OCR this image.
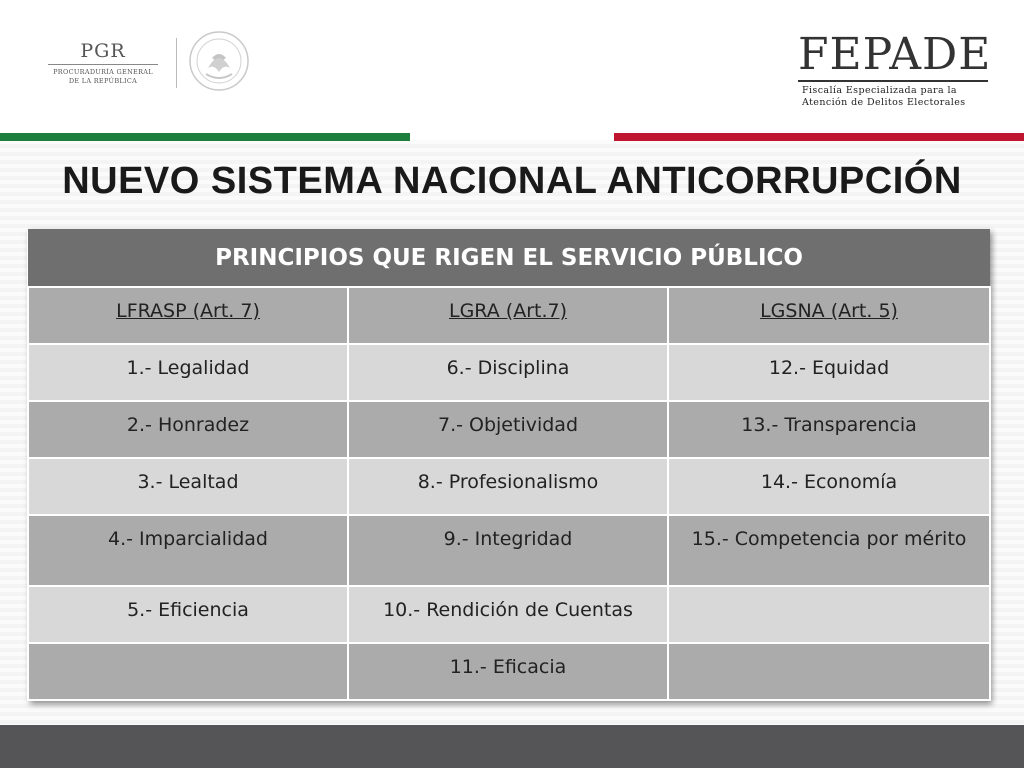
PGR
PROCURADURÍA GENERAL
DE LA REPÚBLICA
FEPADE
Fiscalía Especializada para la
Atención de Delitos Electorales
NUEVO SISTEMA NACIONAL ANTICORRUPCIÓN
PRINCIPIOS QUE RIGEN EL SERVICIO PÚBLICO		
LFRASP (Art. 7)	LGRA (Art.7)	LGSNA (Art. 5)
1.- Legalidad	6.- Disciplina	12.- Equidad
2.- Honradez	7.- Objetividad	13.- Transparencia
3.- Lealtad	8.- Profesionalismo	14.- Economía
4.- Imparcialidad	9.- Integridad	15.- Competencia por mérito
5.- Eficiencia	10.- Rendición de Cuentas	
	11.- Eficacia	
